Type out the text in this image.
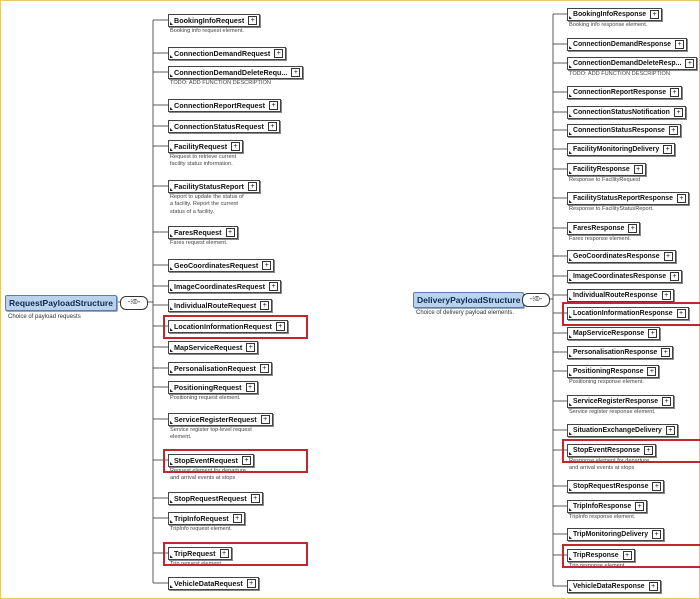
RequestPayloadStructure
Choice of payload requests
-⁝⦷-	DeliveryPayloadStructure
Choice of delivery payload elements.
-⁝⦷-
BookingInfoRequest +
Booking info request element.
ConnectionDemandRequest +
ConnectionDemandDeleteRequ... +
TODO: ADD FUNCTION DESCRIPTION
ConnectionReportRequest +
ConnectionStatusRequest +
FacilityRequest +
Request to retrieve current
facility status information.
FacilityStatusReport +
Report to update the status of
a facility. Report the current
status of a facility.
FaresRequest +
Fares request element.
GeoCoordinatesRequest +
ImageCoordinatesRequest +
IndividualRouteRequest +
LocationInformationRequest +
MapServiceRequest +
PersonalisationRequest +
PositioningRequest +
Positioning request element.
ServiceRegisterRequest +
Service register top-level request
element.
StopEventRequest +
Request element for departure
and arrival events at stops
StopRequestRequest +
TripInfoRequest +
TripInfo request element.
TripRequest +
Trip request element.
VehicleDataRequest +
BookingInfoResponse +
Booking info response element.
ConnectionDemandResponse +
ConnectionDemandDeleteResp... +
TODO: ADD FUNCTION DESCRIPTION
ConnectionReportResponse +
ConnectionStatusNotification +
ConnectionStatusResponse +
FacilityMonitoringDelivery +
FacilityResponse +
Response to FacilityRequest
FacilityStatusReportResponse +
Response to FacilityStatusReport.
FaresResponse +
Fares response element.
GeoCoordinatesResponse +
ImageCoordinatesResponse +
IndividualRouteResponse +
LocationInformationResponse +
MapServiceResponse +
PersonalisationResponse +
PositioningResponse +
Positioning response element.
ServiceRegisterResponse +
Service register response element.
SituationExchangeDelivery +
StopEventResponse +
Response element for departure
and arrival events at stops
StopRequestResponse +
TripInfoResponse +
TripInfo response element.
TripMonitoringDelivery +
TripResponse +
Trip response element.
VehicleDataResponse +
